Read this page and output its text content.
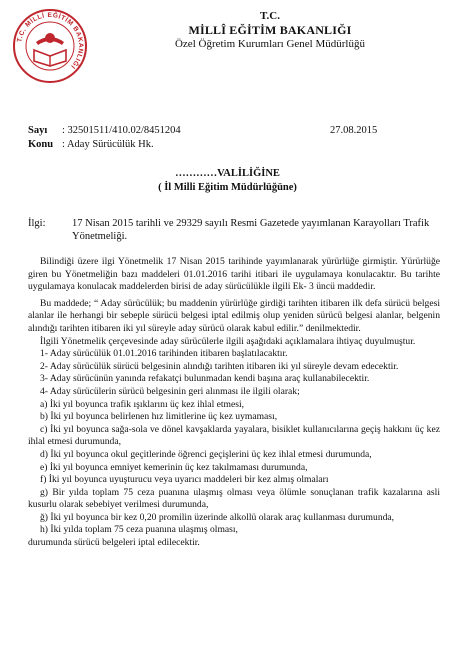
T.C. MİLLİ EĞİTİM BAKANLIĞI
T.C.
MİLLÎ EĞİTİM BAKANLIĞI
Özel Öğretim Kurumları Genel Müdürlüğü
Sayı : 32501511/410.02/8451204	27.08.2015
Konu : Aday Sürücülük Hk.
…………VALİLİĞİNE
( İl Milli Eğitim Müdürlüğüne)
İlgi:	17 Nisan 2015 tarihli ve 29329 sayılı Resmi Gazetede yayımlanan Karayolları Trafik Yönetmeliği.

Bilindiği üzere ilgi Yönetmelik 17 Nisan 2015 tarihinde yayımlanarak yürürlüğe girmiştir. Yürürlüğe giren bu Yönetmeliğin bazı maddeleri 01.01.2016 tarihi itibari ile uygulamaya konulacaktır. Bu tarihte uygulamaya konulacak maddelerden birisi de aday sürücülükle ilgili Ek- 3 üncü maddedir.

Bu maddede; “ Aday sürücülük; bu maddenin yürürlüğe girdiği tarihten itibaren ilk defa sürücü belgesi alanlar ile herhangi bir sebeple sürücü belgesi iptal edilmiş olup yeniden sürücü belgesi alanlar, belgenin alındığı tarihten itibaren iki yıl süreyle aday sürücü olarak kabul edilir.” denilmektedir.

İlgili Yönetmelik çerçevesinde aday sürücülerle ilgili aşağıdaki açıklamalara ihtiyaç duyulmuştur.

1- Aday sürücülük 01.01.2016 tarihinden itibaren başlatılacaktır.

2- Aday sürücülük sürücü belgesinin alındığı tarihten itibaren iki yıl süreyle devam edecektir.

3- Aday sürücünün yanında refakatçi bulunmadan kendi başına araç kullanabilecektir.

4- Aday sürücülerin sürücü belgesinin geri alınması ile ilgili olarak;

a) İki yıl boyunca trafik ışıklarını üç kez ihlal etmesi,

b) İki yıl boyunca belirlenen hız limitlerine üç kez uymaması,

c) İki yıl boyunca sağa-sola ve dönel kavşaklarda yayalara, bisiklet kullanıcılarına geçiş hakkını üç kez ihlal etmesi durumunda,

d) İki yıl boyunca okul geçitlerinde öğrenci geçişlerini üç kez ihlal etmesi durumunda,

e) İki yıl boyunca emniyet kemerinin üç kez takılmaması durumunda,

f) İki yıl boyunca uyuşturucu veya uyarıcı maddeleri bir kez almış olmaları

g) Bir yılda toplam 75 ceza puanına ulaşmış olması veya ölümle sonuçlanan trafik kazalarına asli kusurlu olarak sebebiyet verilmesi durumunda,

ğ) İki yıl boyunca bir kez 0,20 promilin üzerinde alkollü olarak araç kullanması durumunda,

h) İki yılda toplam 75 ceza puanına ulaşmış olması,

durumunda sürücü belgeleri iptal edilecektir.
